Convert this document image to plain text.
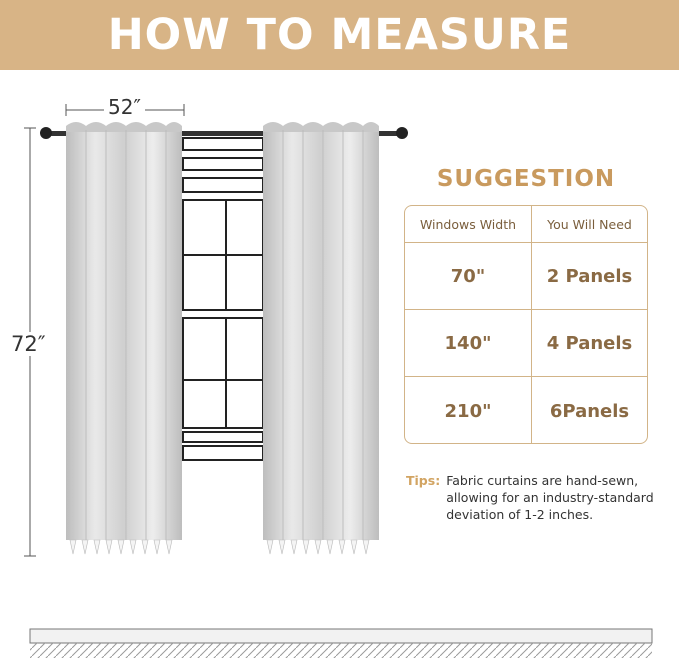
HOW TO MEASURE
52″
72″
SUGGESTION
Windows Width	You Will Need
70"	2 Panels
140"	4 Panels
210"	6Panels
Tips: Fabric curtains are hand-sewn, allowing for an industry-standard deviation of 1-2 inches.
